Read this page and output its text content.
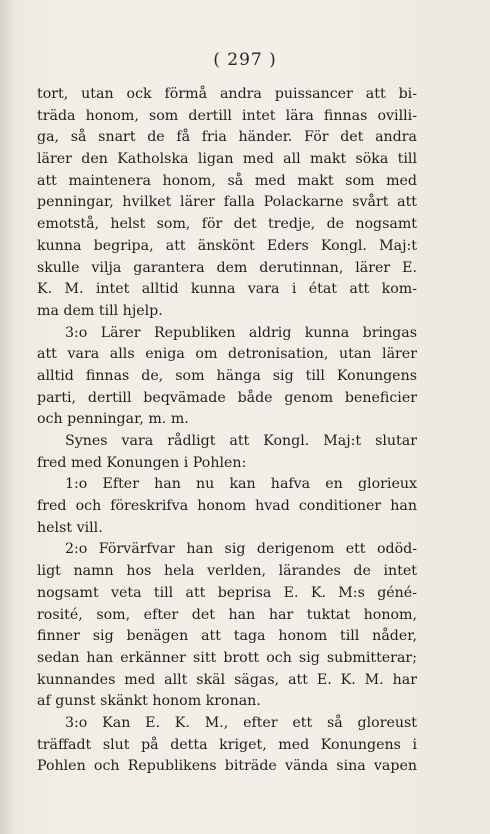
( 297 )
tort, utan ock förmå andra puissancer att bi-
träda honom, som dertill intet lära finnas ovilli-
ga, så snart de få fria händer. För det andra
lärer den Katholska ligan med all makt söka till
att maintenera honom, så med makt som med
penningar, hvilket lärer falla Polackarne svårt att
emotstå, helst som, för det tredje, de nogsamt
kunna begripa, att änskönt Eders Kongl. Maj:t
skulle vilja garantera dem derutinnan, lärer E.
K. M. intet alltid kunna vara i état att kom-
ma dem till hjelp.
3:o Lärer Republiken aldrig kunna bringas
att vara alls eniga om detronisation, utan lärer
alltid finnas de, som hänga sig till Konungens
parti, dertill beqvämade både genom beneficier
och penningar, m. m.
Synes vara rådligt att Kongl. Maj:t slutar
fred med Konungen i Pohlen:
1:o Efter han nu kan hafva en glorieux
fred och föreskrifva honom hvad conditioner han
helst vill.
2:o Förvärfvar han sig derigenom ett odöd-
ligt namn hos hela verlden, lärandes de intet
nogsamt veta till att beprisa E. K. M:s géné-
rosité, som, efter det han har tuktat honom,
finner sig benägen att taga honom till nåder,
sedan han erkänner sitt brott och sig submitterar;
kunnandes med allt skäl sägas, att E. K. M. har
af gunst skänkt honom kronan.
3:o Kan E. K. M., efter ett så gloreust
träffadt slut på detta kriget, med Konungens i
Pohlen och Republikens biträde vända sina vapen
